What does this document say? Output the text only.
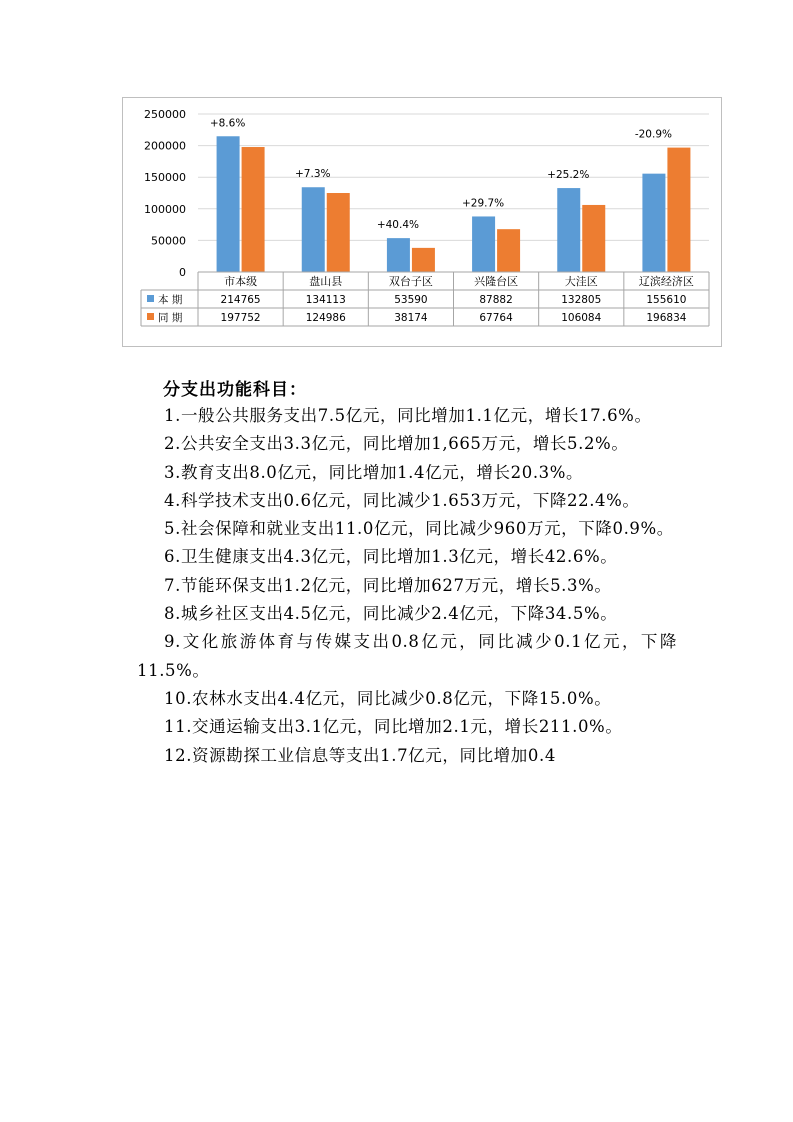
0
50000
100000
150000
200000
250000
+8.6%
+7.3%
+40.4%
+29.7%
+25.2%
-20.9%
市本级	盘山县	双台子区	兴隆台区	大洼区	辽滨经济区
本 期	214765	134113	53590	87882	132805	155610
同 期	197752	124986	38174	67764	106084	196834
分支出功能科目：

1.一般公共服务支出7.5亿元，同比增加1.1亿元，增长17.6%。

2.公共安全支出3.3亿元，同比增加1,665万元，增长5.2%。

3.教育支出8.0亿元，同比增加1.4亿元，增长20.3%。

4.科学技术支出0.6亿元，同比减少1.653万元，下降22.4%。

5.社会保障和就业支出11.0亿元，同比减少960万元，下降0.9%。

6.卫生健康支出4.3亿元，同比增加1.3亿元，增长42.6%。

7.节能环保支出1.2亿元，同比增加627万元，增长5.3%。

8.城乡社区支出4.5亿元，同比减少2.4亿元，下降34.5%。

9.文化旅游体育与传媒支出0.8亿元，同比减少0.1亿元，下降11.5%。

10.农林水支出4.4亿元，同比减少0.8亿元，下降15.0%。

11.交通运输支出3.1亿元，同比增加2.1元，增长211.0%。

12.资源勘探工业信息等支出1.7亿元，同比增加0.4
